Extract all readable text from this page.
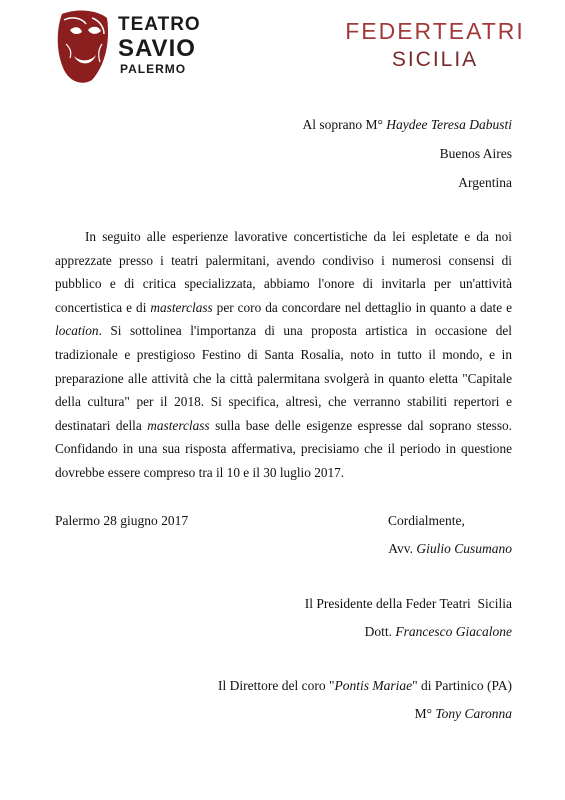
TEATRO
SAVIO
PALERMO
FEDERTEATRI
SICILIA
Al soprano M° Haydee Teresa Dabusti
Buenos Aires
Argentina
In seguito alle esperienze lavorative concertistiche da lei espletate e da noi apprezzate presso i teatri palermitani, avendo condiviso i numerosi consensi di pubblico e di critica specializzata, abbiamo l'onore di invitarla per un'attività concertistica e di masterclass per coro da concordare nel dettaglio in quanto a date e location. Si sottolinea l'importanza di una proposta artistica in occasione del tradizionale e prestigioso Festino di Santa Rosalia, noto in tutto il mondo, e in preparazione alle attività che la città palermitana svolgerà in quanto eletta "Capitale della cultura" per il 2018. Si specifica, altresì, che verranno stabiliti repertori e destinatari della masterclass sulla base delle esigenze espresse dal soprano stesso. Confidando in una sua risposta affermativa, precisiamo che il periodo in questione dovrebbe essere compreso tra il 10 e il 30 luglio 2017.
Palermo 28 giugno 2017	Cordialmente,
Avv. Giulio Cusumano
Il Presidente della Feder Teatri  Sicilia
Dott. Francesco Giacalone
Il Direttore del coro "Pontis Mariae" di Partinico (PA)
M° Tony Caronna
